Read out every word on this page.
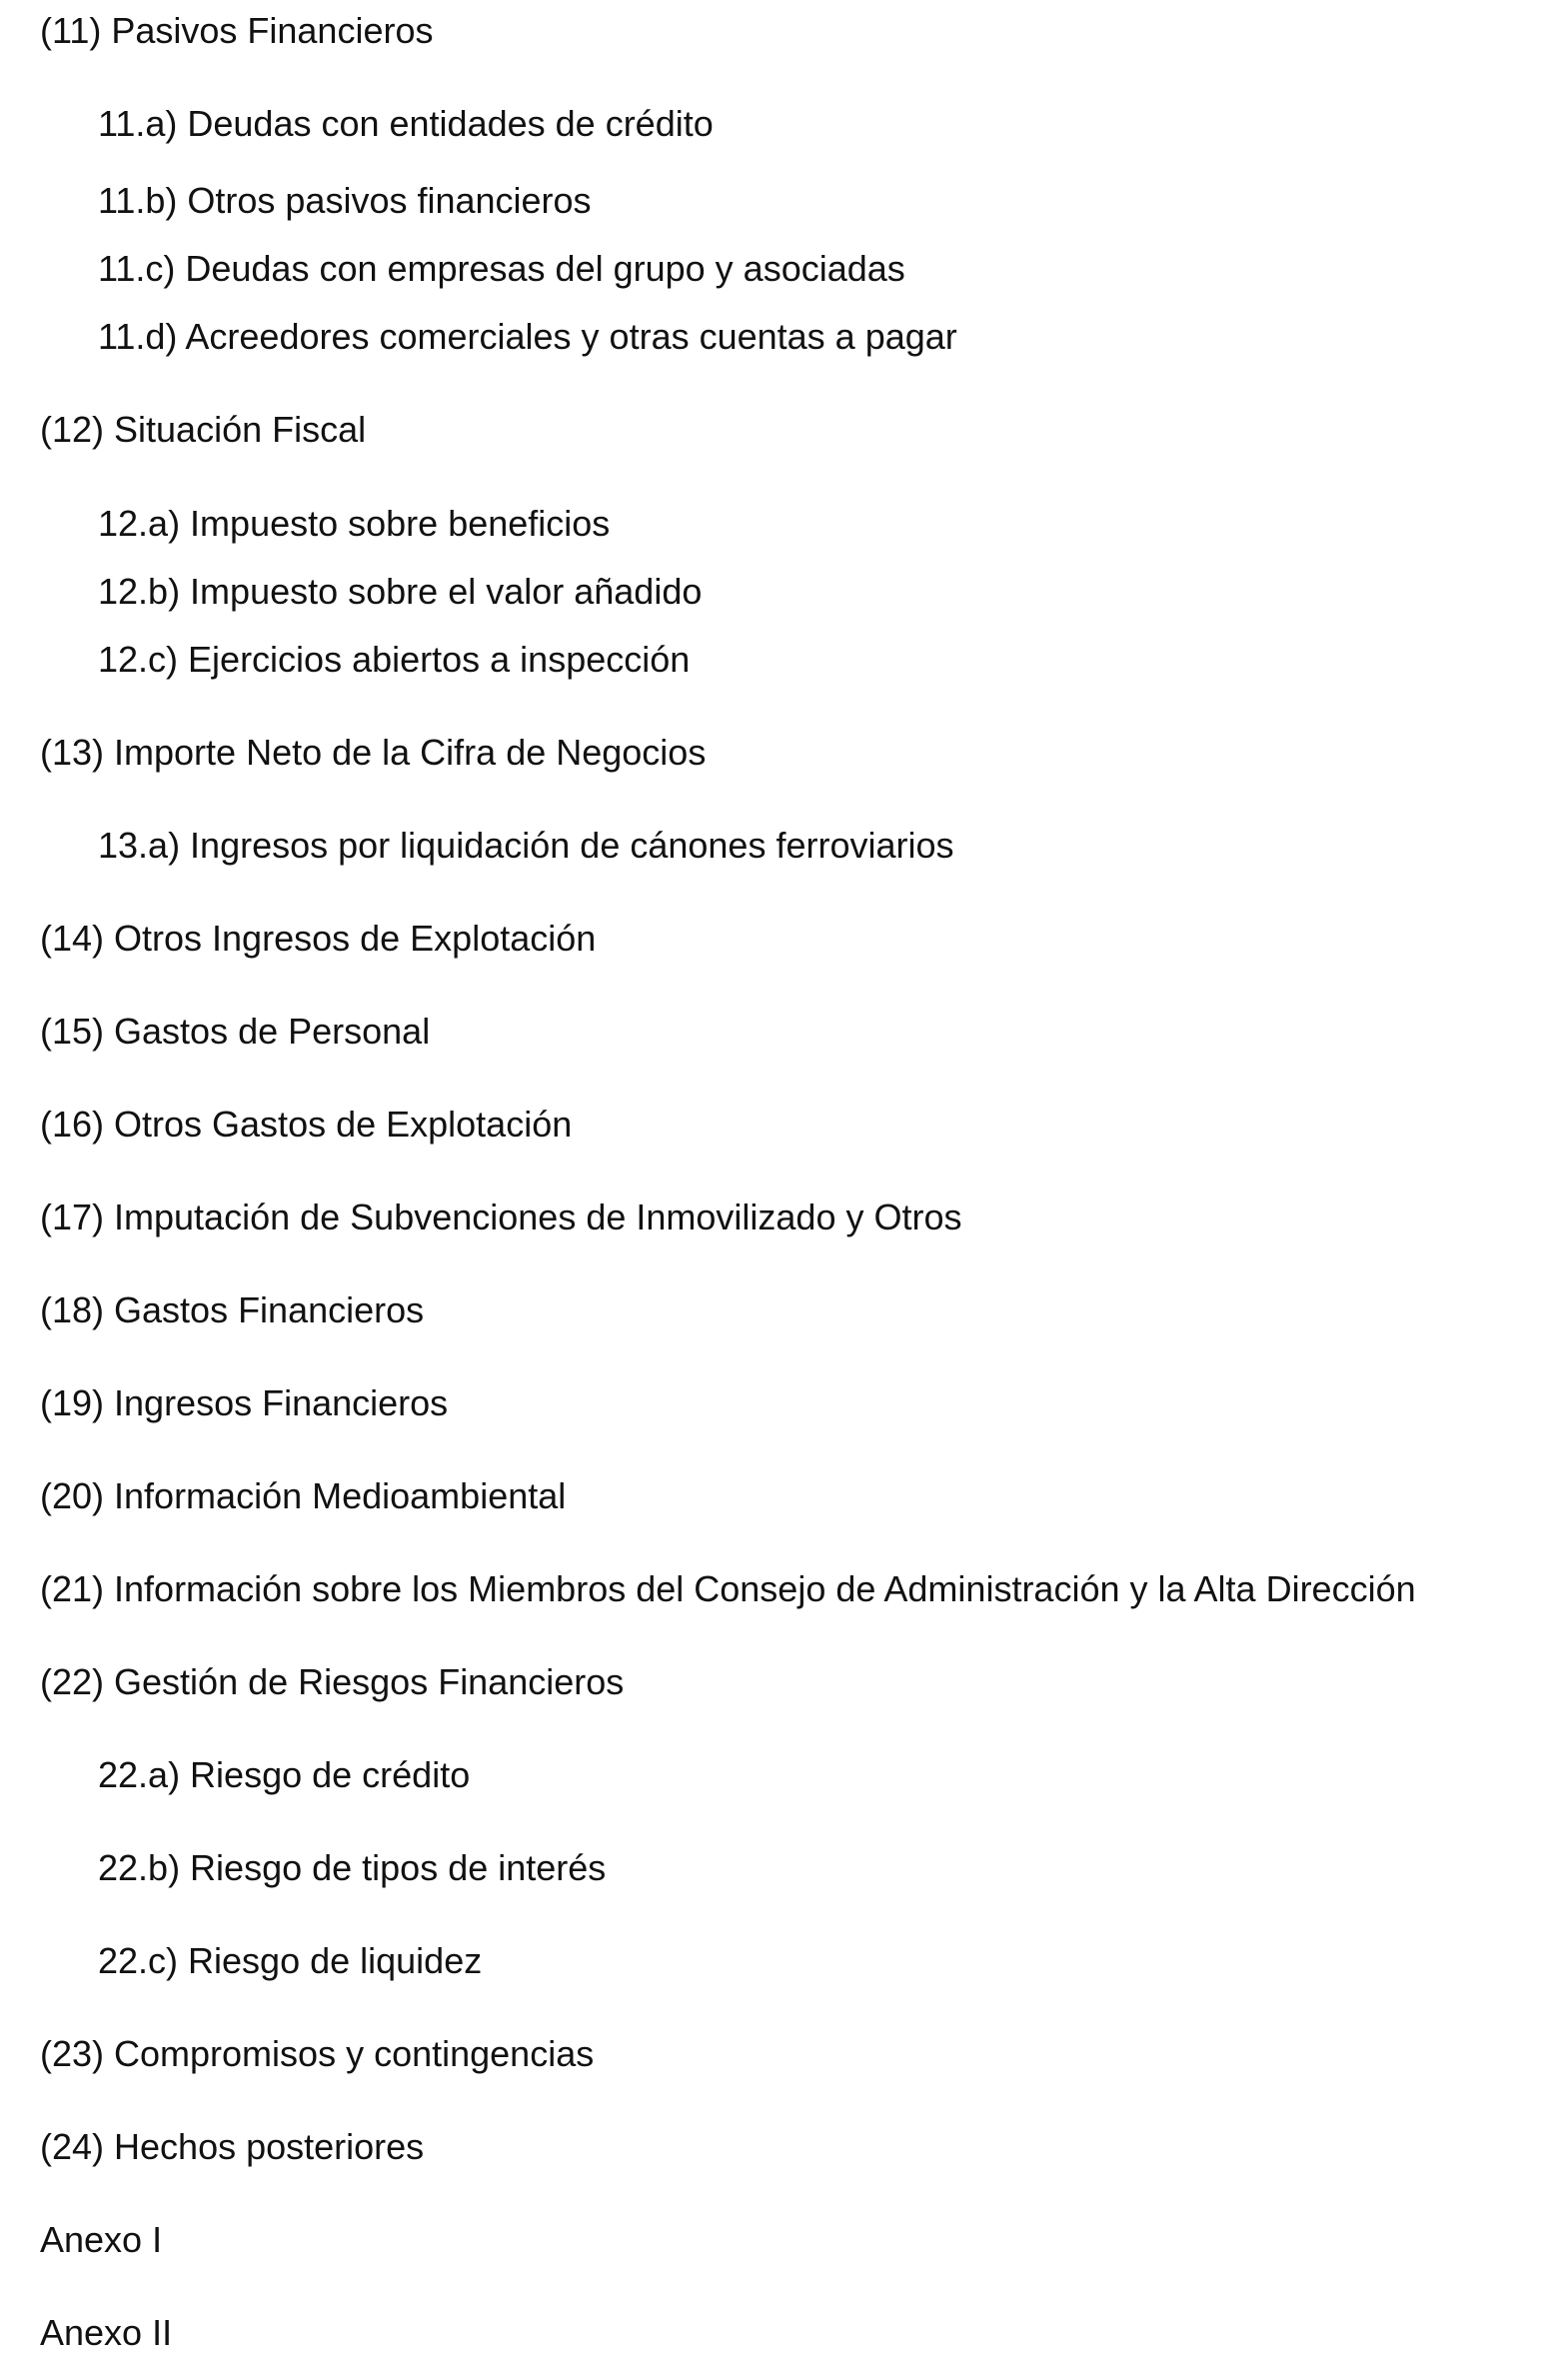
(11) Pasivos Financieros
11.a) Deudas con entidades de crédito
11.b) Otros pasivos financieros
11.c) Deudas con empresas del grupo y asociadas
11.d) Acreedores comerciales y otras cuentas a pagar
(12) Situación Fiscal
12.a) Impuesto sobre beneficios
12.b) Impuesto sobre el valor añadido
12.c) Ejercicios abiertos a inspección
(13) Importe Neto de la Cifra de Negocios
13.a) Ingresos por liquidación de cánones ferroviarios
(14) Otros Ingresos de Explotación
(15) Gastos de Personal
(16) Otros Gastos de Explotación
(17) Imputación de Subvenciones de Inmovilizado y Otros
(18) Gastos Financieros
(19) Ingresos Financieros
(20) Información Medioambiental
(21) Información sobre los Miembros del Consejo de Administración y la Alta Dirección
(22) Gestión de Riesgos Financieros
22.a) Riesgo de crédito
22.b) Riesgo de tipos de interés
22.c) Riesgo de liquidez
(23) Compromisos y contingencias
(24) Hechos posteriores
Anexo I
Anexo II
